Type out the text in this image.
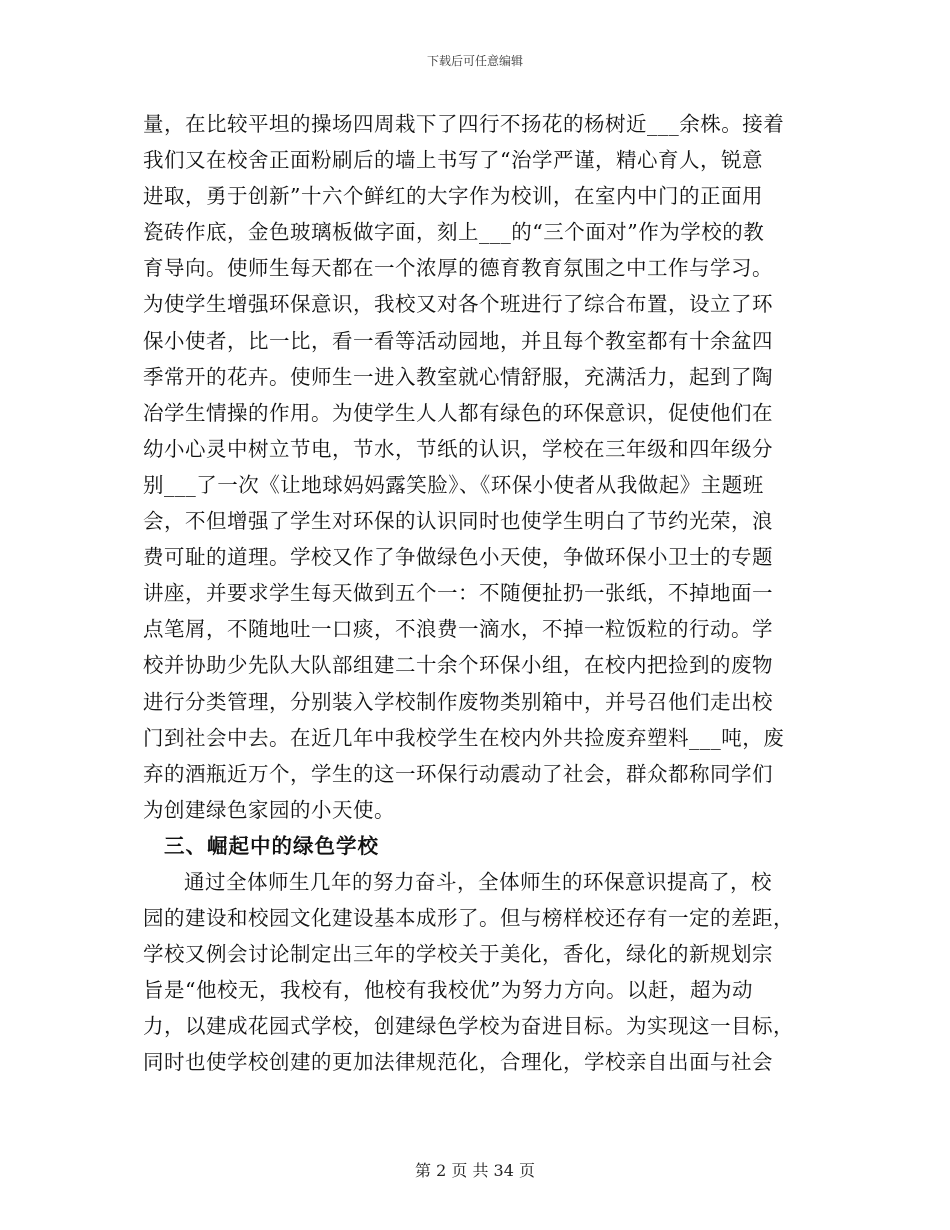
下载后可任意编辑
量，在比较平坦的操场四周栽下了四行不扬花的杨树近___余株。接着
我们又在校舍正面粉刷后的墙上书写了“治学严谨，精心育人，锐意
进取，勇于创新”十六个鲜红的大字作为校训，在室内中门的正面用
瓷砖作底，金色玻璃板做字面，刻上___的“三个面对”作为学校的教
育导向。使师生每天都在一个浓厚的德育教育氛围之中工作与学习。
为使学生增强环保意识，我校又对各个班进行了综合布置，设立了环
保小使者，比一比，看一看等活动园地，并且每个教室都有十余盆四
季常开的花卉。使师生一进入教室就心情舒服，充满活力，起到了陶
冶学生情操的作用。为使学生人人都有绿色的环保意识，促使他们在
幼小心灵中树立节电，节水，节纸的认识，学校在三年级和四年级分
别___了一次《让地球妈妈露笑脸》、《环保小使者从我做起》主题班
会，不但增强了学生对环保的认识同时也使学生明白了节约光荣，浪
费可耻的道理。学校又作了争做绿色小天使，争做环保小卫士的专题
讲座，并要求学生每天做到五个一：不随便扯扔一张纸，不掉地面一
点笔屑，不随地吐一口痰，不浪费一滴水，不掉一粒饭粒的行动。学
校并协助少先队大队部组建二十余个环保小组，在校内把捡到的废物
进行分类管理，分别装入学校制作废物类别箱中，并号召他们走出校
门到社会中去。在近几年中我校学生在校内外共捡废弃塑料___吨，废
弃的酒瓶近万个，学生的这一环保行动震动了社会，群众都称同学们
为创建绿色家园的小天使。
三、崛起中的绿色学校
通过全体师生几年的努力奋斗，全体师生的环保意识提高了，校
园的建设和校园文化建设基本成形了。但与榜样校还存有一定的差距，
学校又例会讨论制定出三年的学校关于美化，香化，绿化的新规划宗
旨是“他校无，我校有，他校有我校优”为努力方向。以赶，超为动
力，以建成花园式学校，创建绿色学校为奋进目标。为实现这一目标，
同时也使学校创建的更加法律规范化，合理化，学校亲自出面与社会
第 2 页 共 34 页
